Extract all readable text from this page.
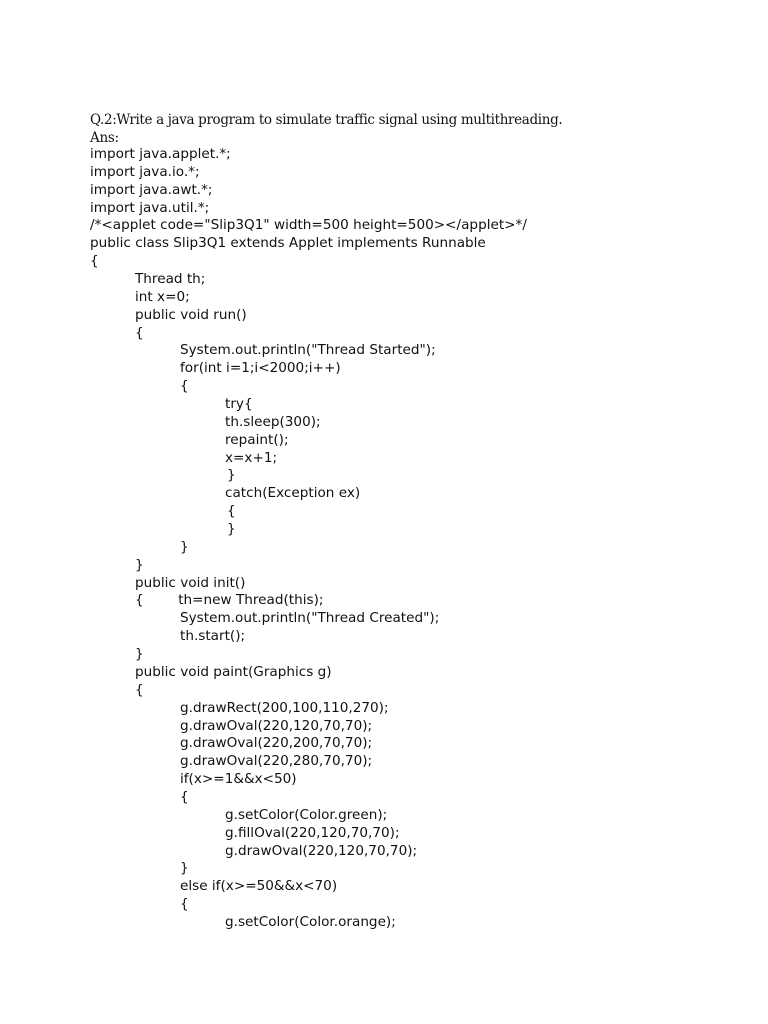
Q.2:Write a java program to simulate traffic signal using multithreading.
Ans:
import java.applet.*;
import java.io.*;
import java.awt.*;
import java.util.*;
/*<applet code="Slip3Q1" width=500 height=500></applet>*/
public class Slip3Q1 extends Applet implements Runnable
{
Thread th;
int x=0;
public void run()
{
System.out.println("Thread Started");
for(int i=1;i<2000;i++)
{
try{
th.sleep(300);
repaint();
x=x+1;
}
catch(Exception ex)
{
}
}
}
public void init()
{        th=new Thread(this);
System.out.println("Thread Created");
th.start();
}
public void paint(Graphics g)
{
g.drawRect(200,100,110,270);
g.drawOval(220,120,70,70);
g.drawOval(220,200,70,70);
g.drawOval(220,280,70,70);
if(x>=1&&x<50)
{
g.setColor(Color.green);
g.fillOval(220,120,70,70);
g.drawOval(220,120,70,70);
}
else if(x>=50&&x<70)
{
g.setColor(Color.orange);
